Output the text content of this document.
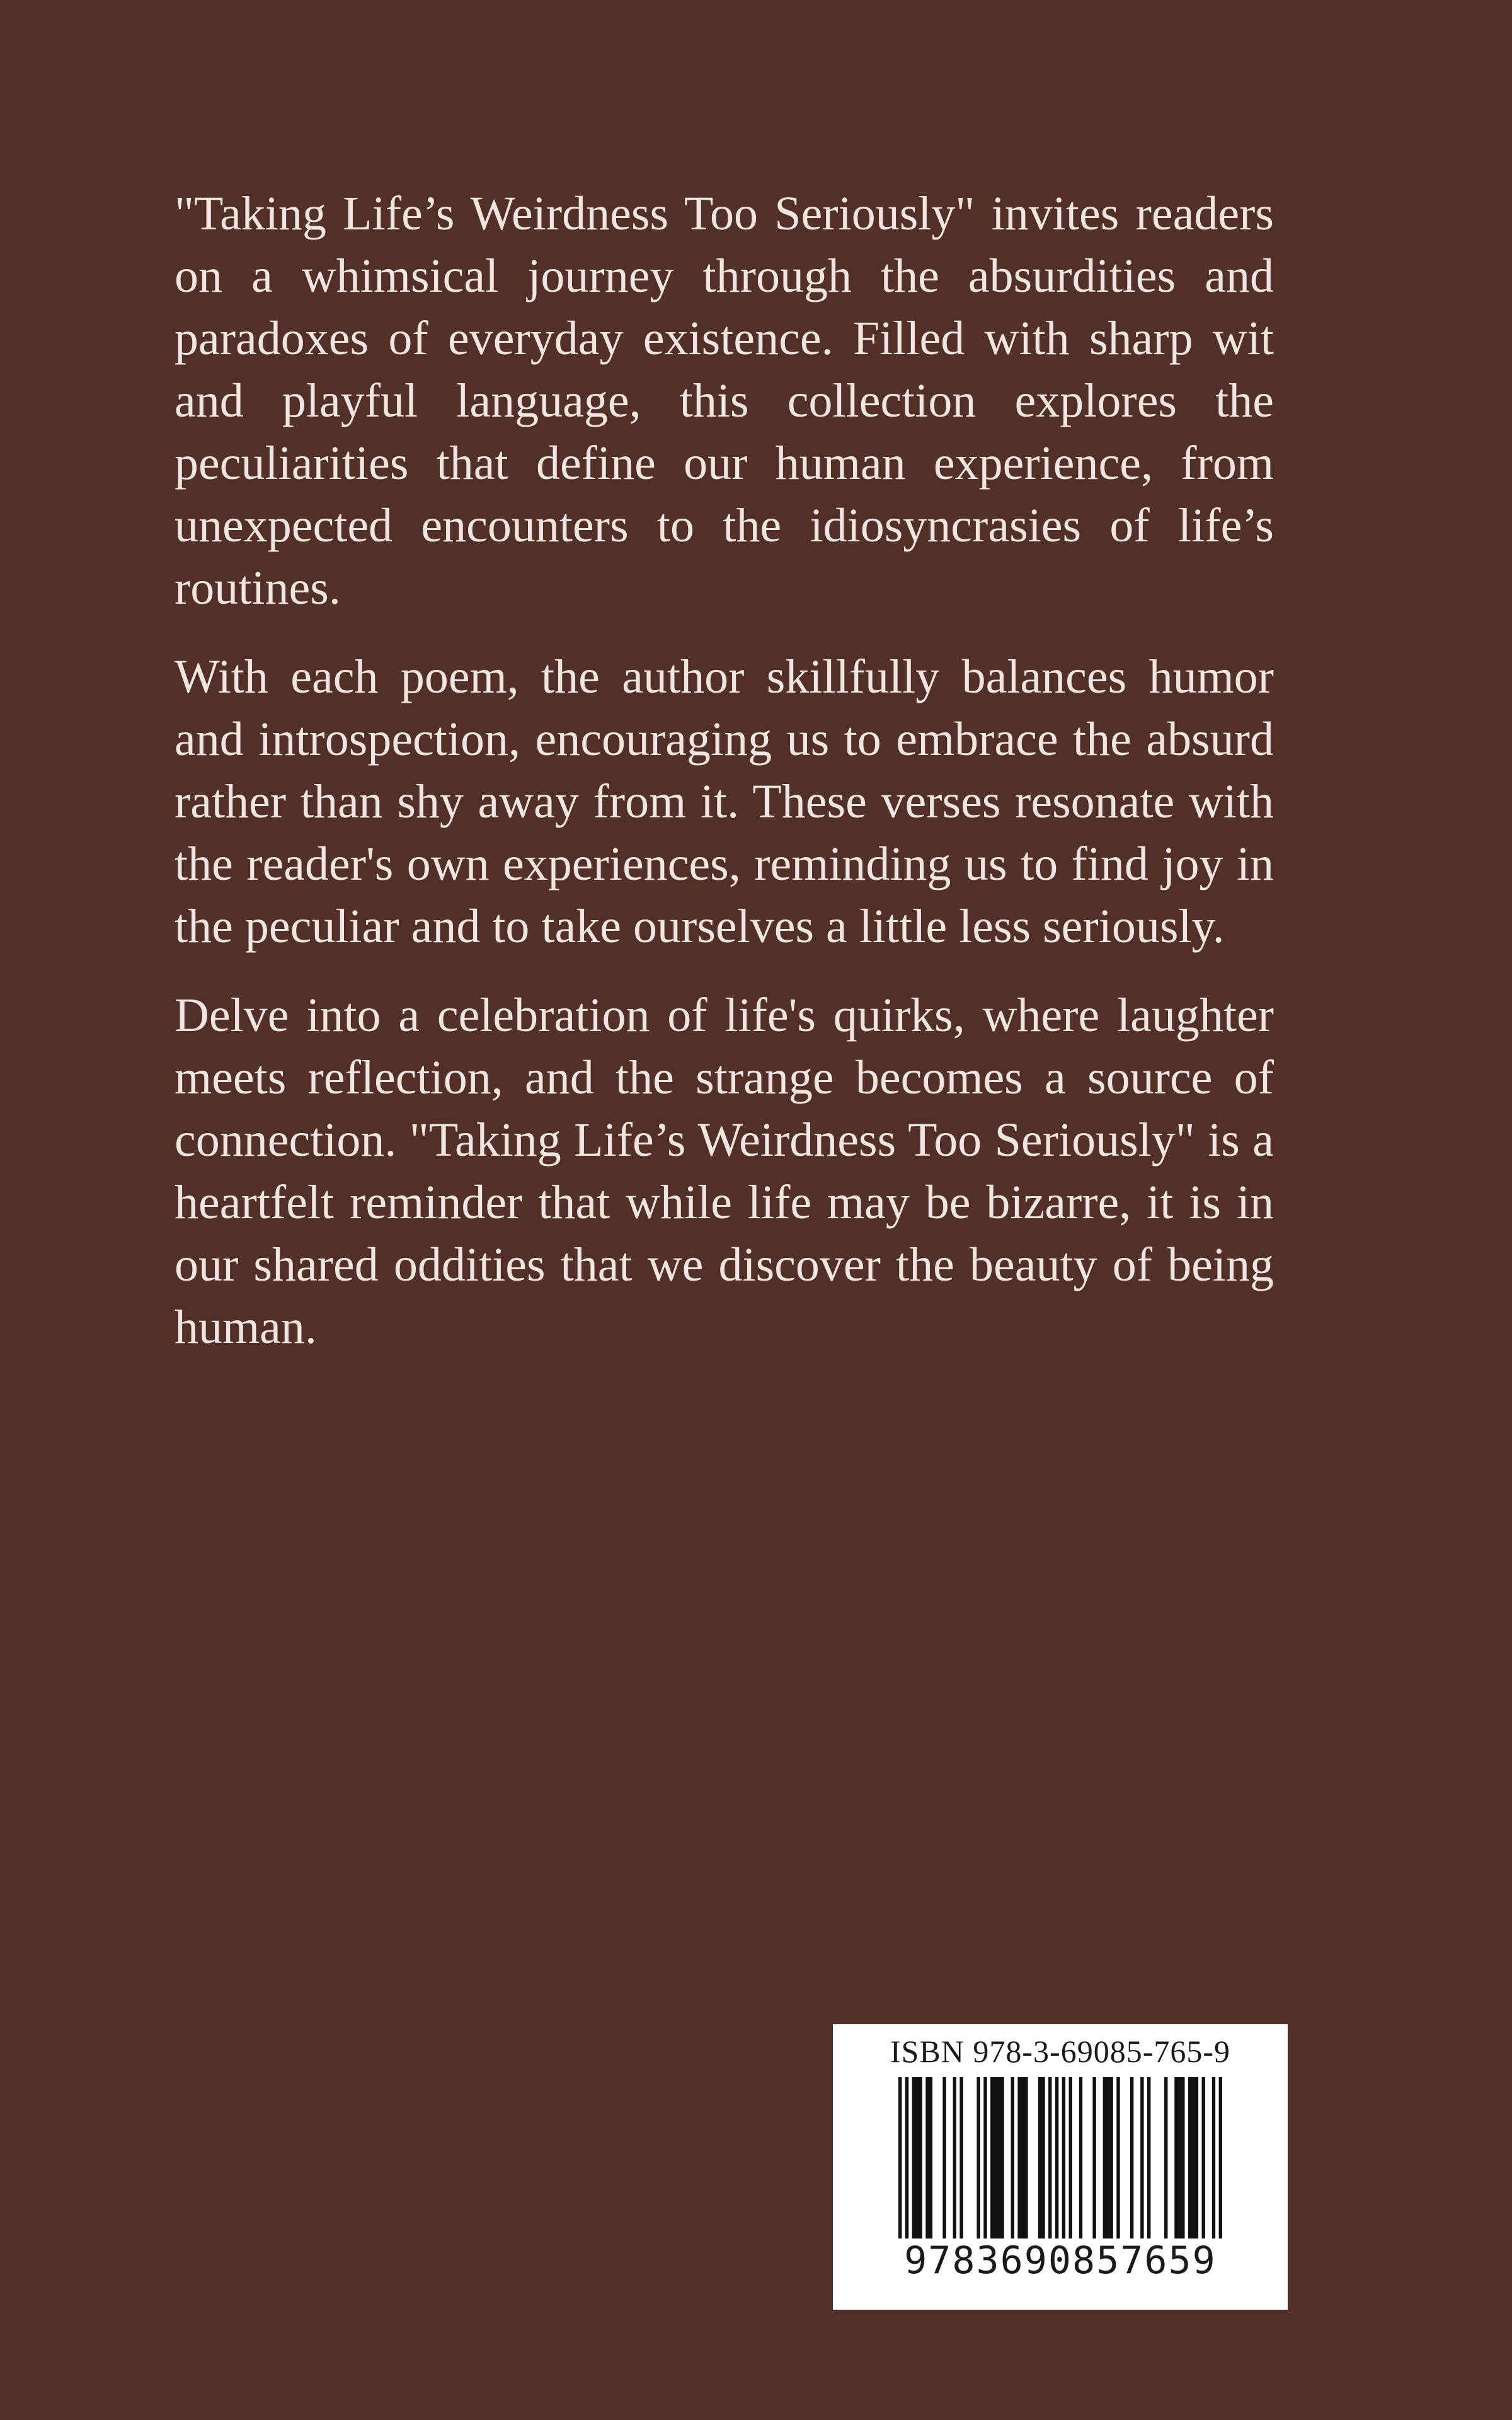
"Taking Life’s Weirdness Too Seriously" invites readers on a whimsical journey through the absurdities and paradoxes of everyday existence. Filled with sharp wit and playful language, this collection explores the peculiarities that define our human experience, from unexpected encounters to the idiosyncrasies of life’s routines.

With each poem, the author skillfully balances humor and introspection, encouraging us to embrace the absurd rather than shy away from it. These verses resonate with the reader's own experiences, reminding us to find joy in the peculiar and to take ourselves a little less seriously.

Delve into a celebration of life's quirks, where laughter meets reflection, and the strange becomes a source of connection. "Taking Life’s Weirdness Too Seriously" is a heartfelt reminder that while life may be bizarre, it is in our shared oddities that we discover the beauty of being human.

ISBN 978-3-69085-765-9
9783690857659
